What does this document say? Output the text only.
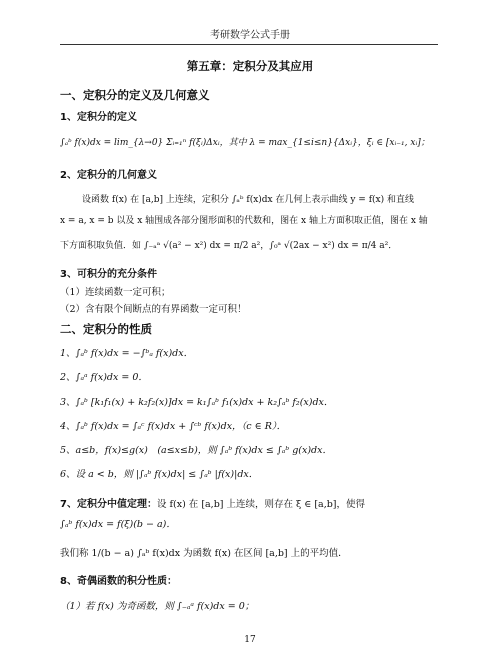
考研数学公式手册
第五章：定积分及其应用
一、定积分的定义及几何意义
1、定积分的定义
∫ₐᵇ f(x)dx = lim_{λ→0} Σᵢ₌₁ⁿ f(ξᵢ)Δxᵢ，其中 λ = max_{1≤i≤n}{Δxᵢ}，ξᵢ ∈ [xᵢ₋₁, xᵢ]；
2、定积分的几何意义
设函数 f(x) 在 [a,b] 上连续，定积分 ∫ₐᵇ f(x)dx 在几何上表示曲线 y = f(x) 和直线
x = a, x = b 以及 x 轴围成各部分图形面积的代数和，图在 x 轴上方面积取正值，图在 x 轴
下方面积取负值．如 ∫₋ₐᵃ √(a² − x²) dx = π/2 a²，∫₀ᵃ √(2ax − x²) dx = π/4 a²．
3、可积分的充分条件
（1）连续函数一定可积；
（2）含有限个间断点的有界函数一定可积！
二、定积分的性质
1、∫ₐᵇ f(x)dx = −∫ᵇₐ f(x)dx．
2、∫ₐᵃ f(x)dx = 0．
3、∫ₐᵇ [k₁f₁(x) + k₂f₂(x)]dx = k₁∫ₐᵇ f₁(x)dx + k₂∫ₐᵇ f₂(x)dx．
4、∫ₐᵇ f(x)dx = ∫ₐᶜ f(x)dx + ∫ᶜᵇ f(x)dx，（c ∈ R）．
5、a≤b，f(x)≤g(x)　(a≤x≤b)，则 ∫ₐᵇ f(x)dx ≤ ∫ₐᵇ g(x)dx．
6、设 a < b，则 |∫ₐᵇ f(x)dx| ≤ ∫ₐᵇ |f(x)|dx．
7、定积分中值定理：设 f(x) 在 [a,b] 上连续，则存在 ξ ∈ [a,b]，使得
∫ₐᵇ f(x)dx = f(ξ)(b − a)．
我们称 1/(b − a) ∫ₐᵇ f(x)dx 为函数 f(x) 在区间 [a,b] 上的平均值．
8、奇偶函数的积分性质：
（1）若 f(x) 为奇函数，则 ∫₋ₐᵃ f(x)dx = 0；
17
